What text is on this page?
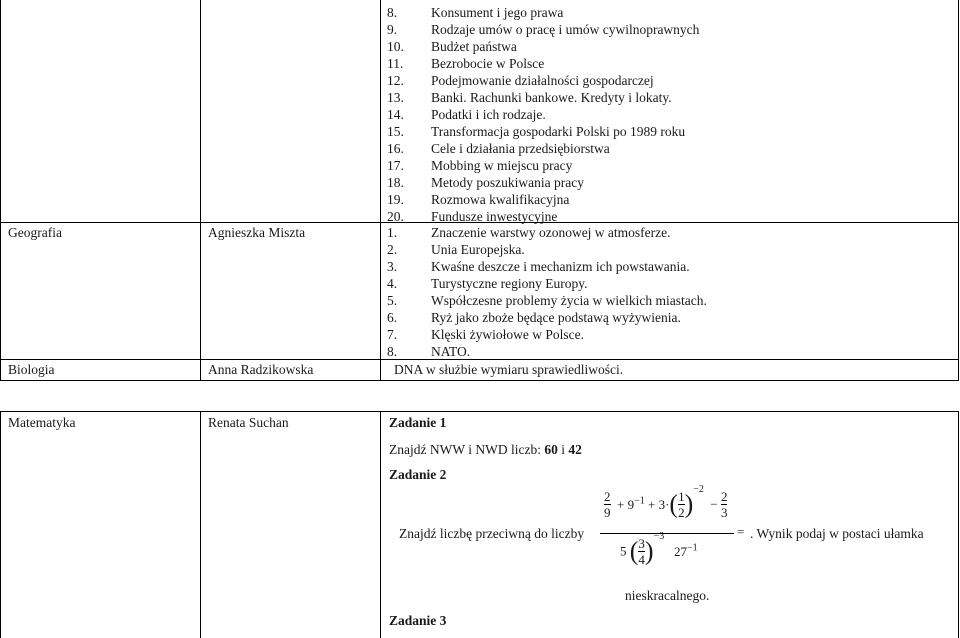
8.	Konsument i jego prawa
9.	Rodzaje umów o pracę i umów cywilnoprawnych
10. Budżet państwa
11. Bezrobocie w Polsce
12. Podejmowanie działalności gospodarczej
13. Banki. Rachunki bankowe. Kredyty i lokaty.
14. Podatki i ich rodzaje.
15. Transformacja gospodarki Polski po 1989 roku
16. Cele i działania przedsiębiorstwa
17. Mobbing w miejscu pracy
18. Metody poszukiwania pracy
19. Rozmowa kwalifikacyjna
20. Fundusze inwestycyjne
Geografia	Agnieszka Miszta	1.	Znaczenie warstwy ozonowej w atmosferze.
2.	Unia Europejska.
3.	Kwaśne deszcze i mechanizm ich powstawania.
4.	Turystyczne regiony Europy.
5.	Współczesne problemy życia w wielkich miastach.
6.	Ryż jako zboże będące podstawą wyżywienia.
7.	Klęski żywiołowe w Polsce.
8.	NATO.
Biologia	Anna Radzikowska	DNA w służbie wymiaru sprawiedliwości.
Matematyka	Renata Suchan	Zadanie 1
Znajdź NWW i NWD liczb: 60 i 42
Zadanie 2
Znajdź liczbę przeciwną do liczby
$\frac{2}{9} + 9^{-1} + 3\cdot( \frac{1}{2} )^{-2} - \frac{2}{3}$
5 ( $\frac{3}{4} )^{-3}$   $27^{-1}$
= . Wynik podaj w postaci ułamka
nieskracalnego.
Zadanie 3
